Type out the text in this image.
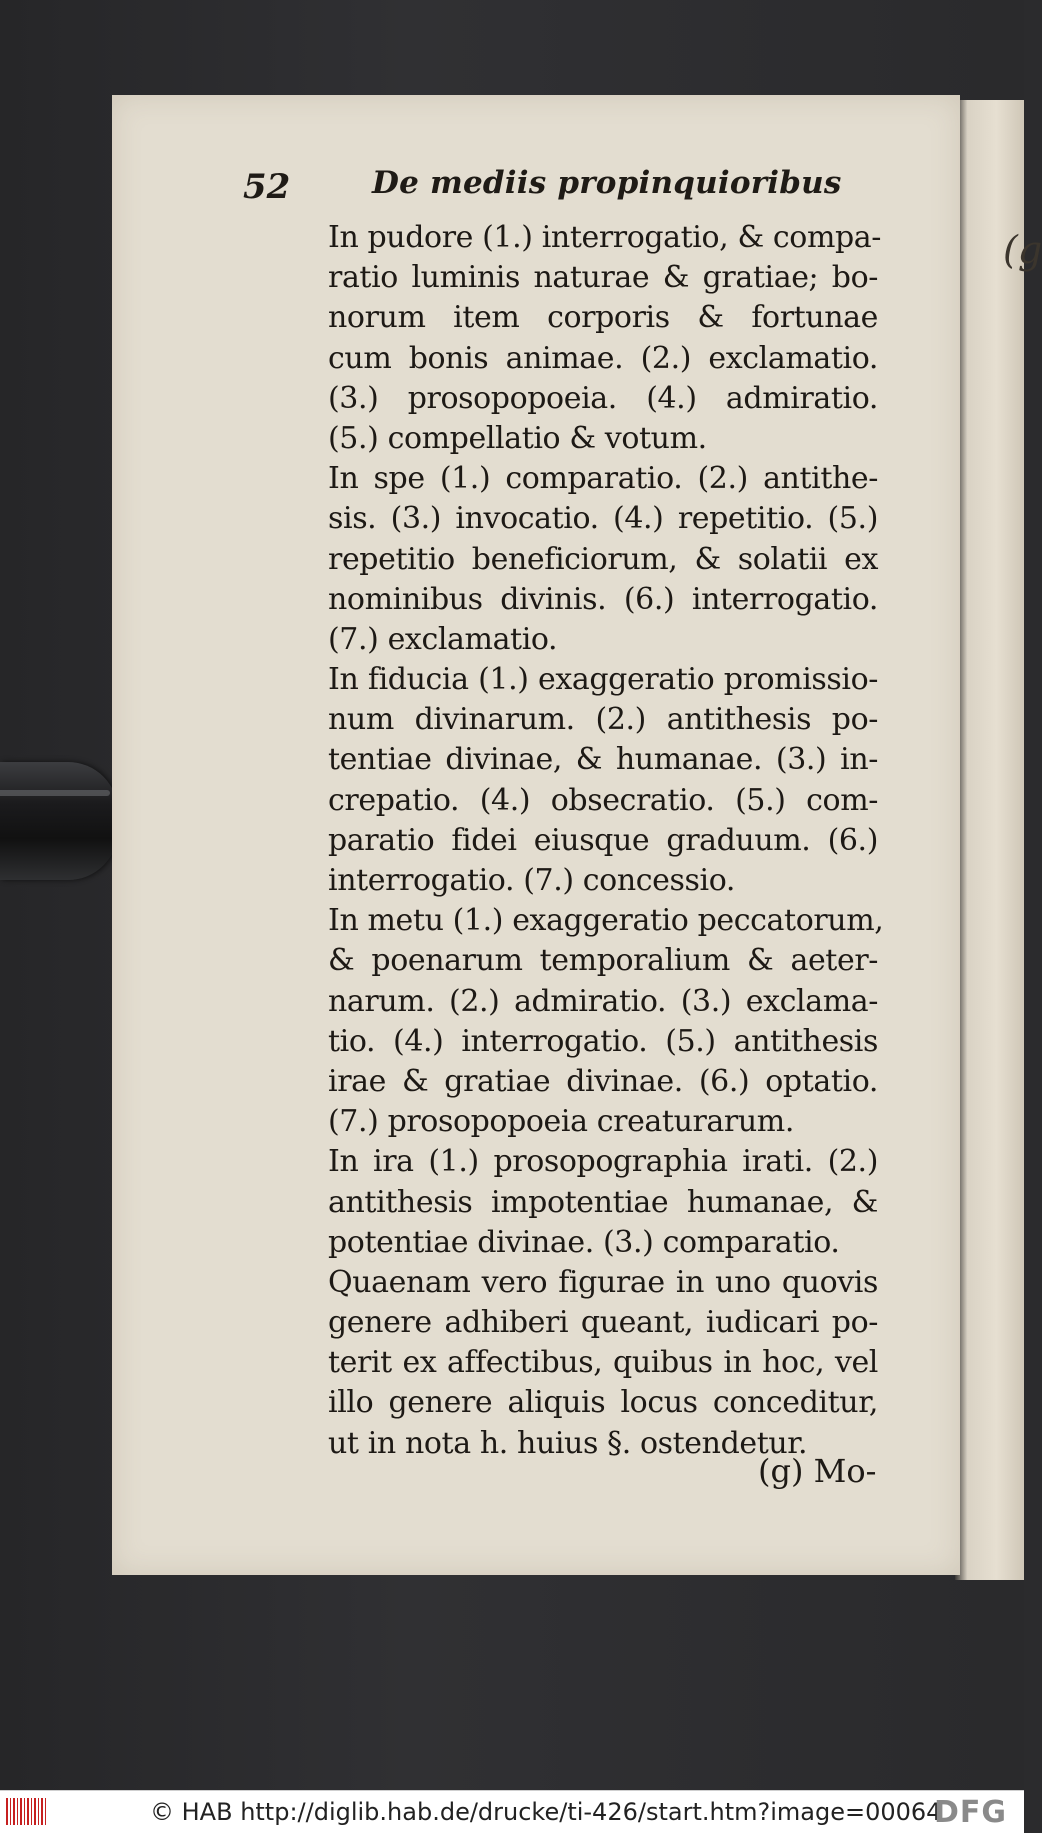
(g
52	De mediis propinquioribus
In pudore (1.) interrogatio, & compa-
ratio luminis naturae & gratiae; bo-
norum item corporis & fortunae
cum bonis animae. (2.) exclamatio.
(3.) prosopopoeia. (4.) admiratio.
(5.) compellatio & votum.
In spe (1.) comparatio. (2.) antithe-
sis. (3.) invocatio. (4.) repetitio. (5.)
repetitio beneficiorum, & solatii ex
nominibus divinis. (6.) interrogatio.
(7.) exclamatio.
In fiducia (1.) exaggeratio promissio-
num divinarum. (2.) antithesis po-
tentiae divinae, & humanae. (3.) in-
crepatio. (4.) obsecratio. (5.) com-
paratio fidei eiusque graduum. (6.)
interrogatio. (7.) concessio.
In metu (1.) exaggeratio peccatorum,
& poenarum temporalium & aeter-
narum. (2.) admiratio. (3.) exclama-
tio. (4.) interrogatio. (5.) antithesis
irae & gratiae divinae. (6.) optatio.
(7.) prosopopoeia creaturarum.
In ira (1.) prosopographia irati. (2.)
antithesis impotentiae humanae, &
potentiae divinae. (3.) comparatio.
Quaenam vero figurae in uno quovis
genere adhiberi queant, iudicari po-
terit ex affectibus, quibus in hoc, vel
illo genere aliquis locus conceditur,
ut in nota h. huius §. ostendetur.
(g) Mo-
© HAB http://diglib.hab.de/drucke/ti-426/start.htm?image=00064
DFG
